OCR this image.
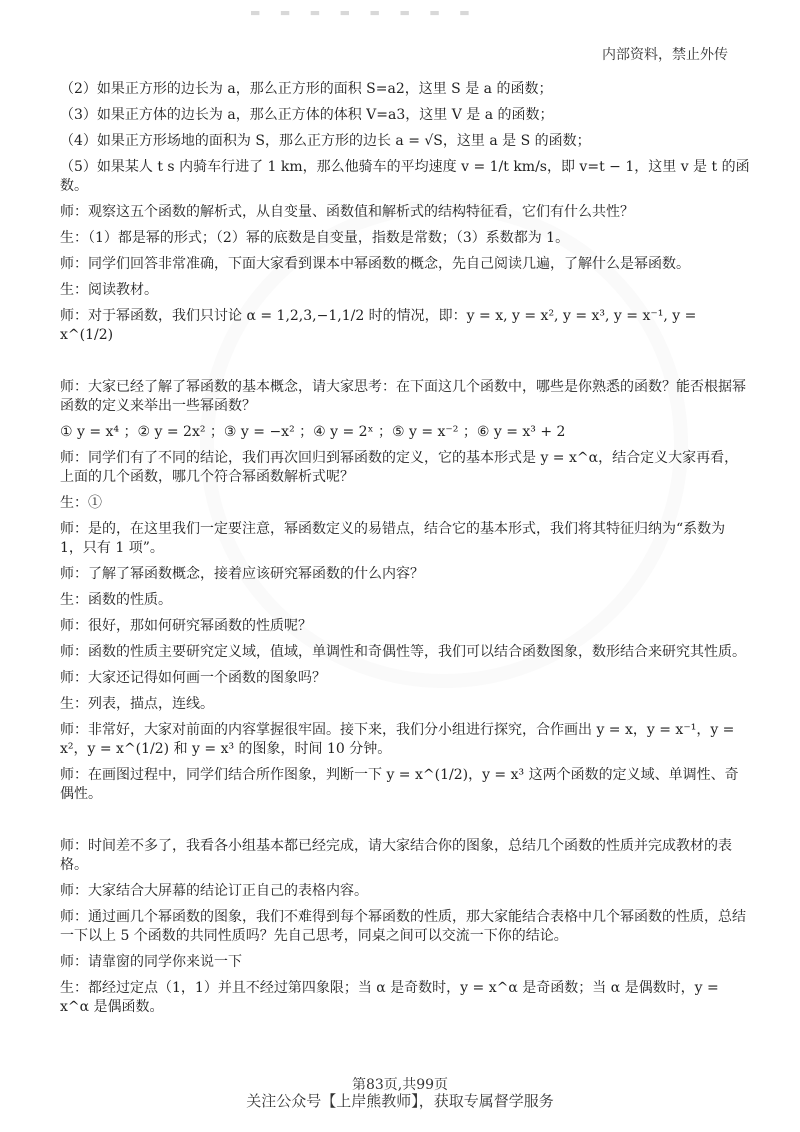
▬ ▬ ▬ ▬ ▬ ▬ ▬ ▬
内部资料，禁止外传

（2）如果正方形的边长为 a，那么正方形的面积 S=a2，这里 S 是 a 的函数；

（3）如果正方体的边长为 a，那么正方体的体积 V=a3，这里 V 是 a 的函数；

（4）如果正方形场地的面积为 S，那么正方形的边长 a = √S，这里 a 是 S 的函数；

（5）如果某人 t s 内骑车行进了 1 km，那么他骑车的平均速度 v = 1/t km/s，即 v=t − 1，这里 v 是 t 的函数。

师：观察这五个函数的解析式，从自变量、函数值和解析式的结构特征看，它们有什么共性？

生：（1）都是幂的形式；（2）幂的底数是自变量，指数是常数；（3）系数都为 1。

师：同学们回答非常准确，下面大家看到课本中幂函数的概念，先自己阅读几遍，了解什么是幂函数。

生：阅读教材。

师：对于幂函数，我们只讨论 α = 1,2,3,−1,1/2 时的情况，即：y = x, y = x², y = x³, y = x⁻¹, y = x^(1/2)

师：大家已经了解了幂函数的基本概念，请大家思考：在下面这几个函数中，哪些是你熟悉的函数？能否根据幂函数的定义来举出一些幂函数？

① y = x⁴ ；② y = 2x² ；③ y = −x² ；④ y = 2ˣ ；⑤ y = x⁻² ；⑥ y = x³ + 2

师：同学们有了不同的结论，我们再次回归到幂函数的定义，它的基本形式是 y = x^α，结合定义大家再看，上面的几个函数，哪几个符合幂函数解析式呢？

生：①

师：是的，在这里我们一定要注意，幂函数定义的易错点，结合它的基本形式，我们将其特征归纳为“系数为 1，只有 1 项”。

师：了解了幂函数概念，接着应该研究幂函数的什么内容？

生：函数的性质。

师：很好，那如何研究幂函数的性质呢？

师：函数的性质主要研究定义域，值域，单调性和奇偶性等，我们可以结合函数图象，数形结合来研究其性质。

师：大家还记得如何画一个函数的图象吗？

生：列表，描点，连线。

师：非常好，大家对前面的内容掌握很牢固。接下来，我们分小组进行探究，合作画出 y = x，y = x⁻¹，y = x²，y = x^(1/2) 和 y = x³ 的图象，时间 10 分钟。

师：在画图过程中，同学们结合所作图象，判断一下 y = x^(1/2)，y = x³ 这两个函数的定义域、单调性、奇偶性。

师：时间差不多了，我看各小组基本都已经完成，请大家结合你的图象，总结几个函数的性质并完成教材的表格。

师：大家结合大屏幕的结论订正自己的表格内容。

师：通过画几个幂函数的图象，我们不难得到每个幂函数的性质，那大家能结合表格中几个幂函数的性质，总结一下以上 5 个函数的共同性质吗？先自己思考，同桌之间可以交流一下你的结论。

师：请靠窗的同学你来说一下

生：都经过定点（1，1）并且不经过第四象限；当 α 是奇数时，y = x^α 是奇函数；当 α 是偶数时，y = x^α 是偶函数。

第83页,共99页
关注公众号【上岸熊教师】，获取专属督学服务
